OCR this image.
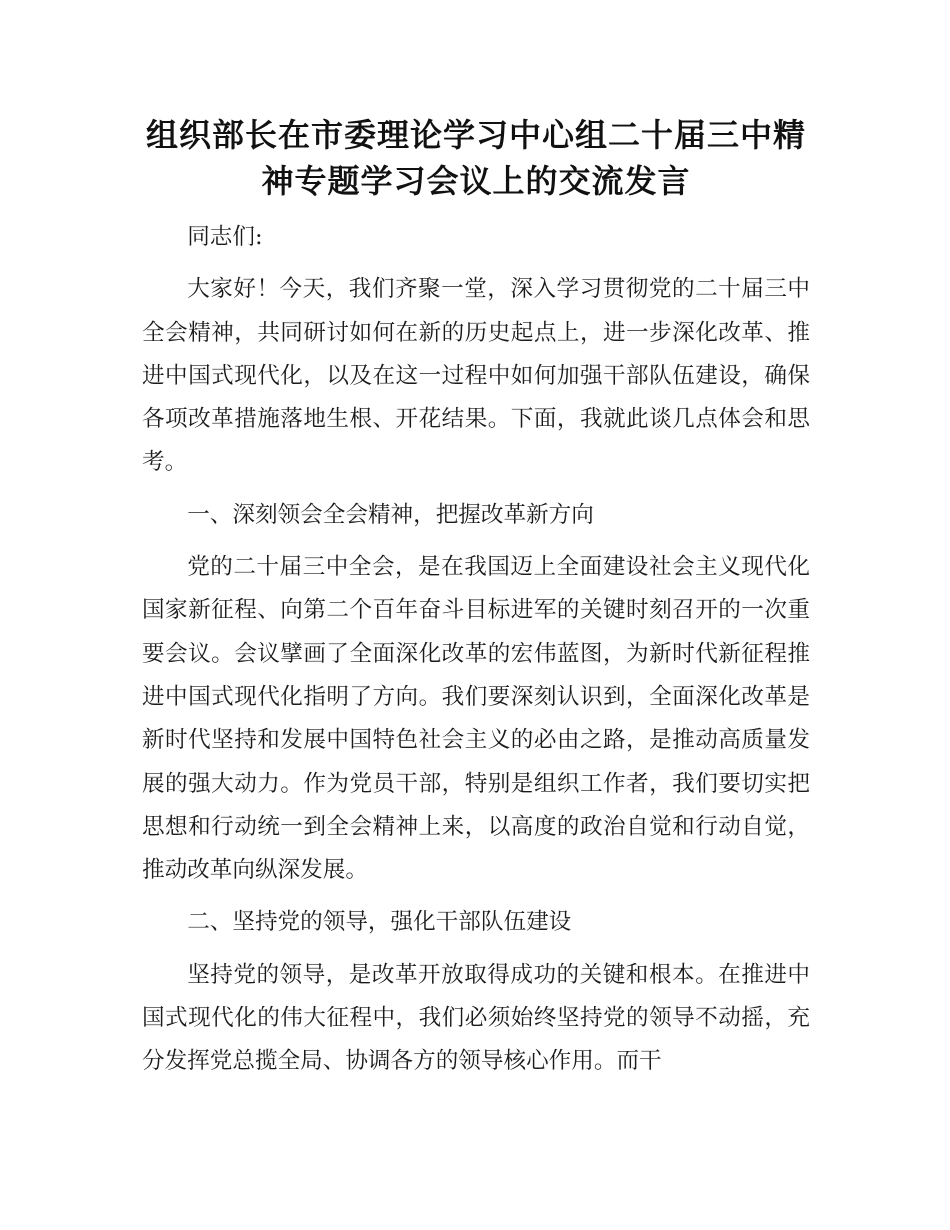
组织部长在市委理论学习中心组二十届三中精神专题学习会议上的交流发言

同志们:

大家好！今天，我们齐聚一堂，深入学习贯彻党的二十届三中全会精神，共同研讨如何在新的历史起点上，进一步深化改革、推进中国式现代化，以及在这一过程中如何加强干部队伍建设，确保各项改革措施落地生根、开花结果。下面，我就此谈几点体会和思考。

一、深刻领会全会精神，把握改革新方向

党的二十届三中全会，是在我国迈上全面建设社会主义现代化国家新征程、向第二个百年奋斗目标进军的关键时刻召开的一次重要会议。会议擘画了全面深化改革的宏伟蓝图，为新时代新征程推进中国式现代化指明了方向。我们要深刻认识到，全面深化改革是新时代坚持和发展中国特色社会主义的必由之路，是推动高质量发展的强大动力。作为党员干部，特别是组织工作者，我们要切实把思想和行动统一到全会精神上来，以高度的政治自觉和行动自觉，推动改革向纵深发展。

二、坚持党的领导，强化干部队伍建设

坚持党的领导，是改革开放取得成功的关键和根本。在推进中国式现代化的伟大征程中，我们必须始终坚持党的领导不动摇，充分发挥党总揽全局、协调各方的领导核心作用。而干
